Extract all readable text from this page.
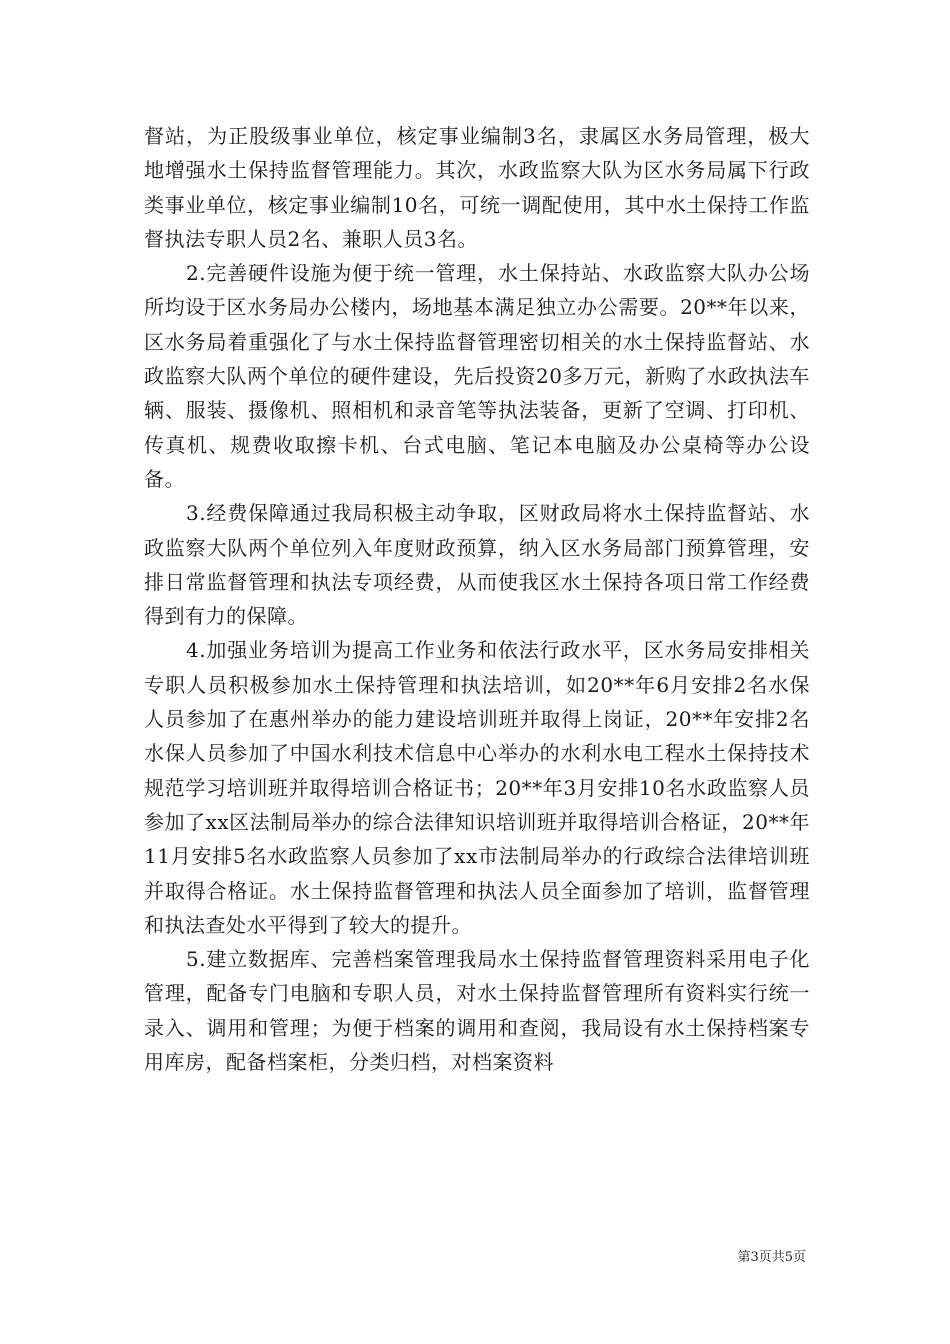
督站，为正股级事业单位，核定事业编制3名，隶属区水务局管理，极大地增强水土保持监督管理能力。其次，水政监察大队为区水务局属下行政类事业单位，核定事业编制10名，可统一调配使用，其中水土保持工作监督执法专职人员2名、兼职人员3名。

2.完善硬件设施为便于统一管理，水土保持站、水政监察大队办公场所均设于区水务局办公楼内，场地基本满足独立办公需要。20**年以来，区水务局着重强化了与水土保持监督管理密切相关的水土保持监督站、水政监察大队两个单位的硬件建设，先后投资20多万元，新购了水政执法车辆、服装、摄像机、照相机和录音笔等执法装备，更新了空调、打印机、传真机、规费收取擦卡机、台式电脑、笔记本电脑及办公桌椅等办公设备。

3.经费保障通过我局积极主动争取，区财政局将水土保持监督站、水政监察大队两个单位列入年度财政预算，纳入区水务局部门预算管理，安排日常监督管理和执法专项经费，从而使我区水土保持各项日常工作经费得到有力的保障。

4.加强业务培训为提高工作业务和依法行政水平，区水务局安排相关专职人员积极参加水土保持管理和执法培训，如20**年6月安排2名水保人员参加了在惠州举办的能力建设培训班并取得上岗证，20**年安排2名水保人员参加了中国水利技术信息中心举办的水利水电工程水土保持技术规范学习培训班并取得培训合格证书；20**年3月安排10名水政监察人员参加了xx区法制局举办的综合法律知识培训班并取得培训合格证，20**年11月安排5名水政监察人员参加了xx市法制局举办的行政综合法律培训班并取得合格证。水土保持监督管理和执法人员全面参加了培训，监督管理和执法查处水平得到了较大的提升。

5.建立数据库、完善档案管理我局水土保持监督管理资料采用电子化管理，配备专门电脑和专职人员，对水土保持监督管理所有资料实行统一录入、调用和管理；为便于档案的调用和查阅，我局设有水土保持档案专用库房，配备档案柜，分类归档，对档案资料

第3页共5页
